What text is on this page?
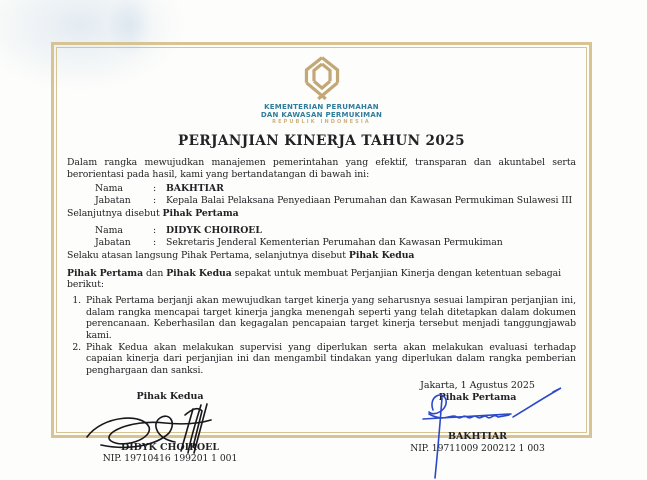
KEMENTERIAN PERUMAHAN
DAN KAWASAN PERMUKIMAN
REPUBLIK INDONESIA
PERJANJIAN KINERJA TAHUN 2025

Dalam rangka mewujudkan manajemen pemerintahan yang efektif, transparan dan akuntabel serta berorientasi pada hasil, kami yang bertandatangan di bawah ini:

Nama	:	BAKHTIAR
Jabatan	:	Kepala Balai Pelaksana Penyediaan Perumahan dan Kawasan Permukiman Sulawesi III

Selanjutnya disebut Pihak Pertama

Nama	:	DIDYK CHOIROEL
Jabatan	:	Sekretaris Jenderal Kementerian Perumahan dan Kawasan Permukiman

Selaku atasan langsung Pihak Pertama, selanjutnya disebut Pihak Kedua

Pihak Pertama dan Pihak Kedua sepakat untuk membuat Perjanjian Kinerja dengan ketentuan sebagai berikut:

1. Pihak Pertama berjanji akan mewujudkan target kinerja yang seharusnya sesuai lampiran perjanjian ini, dalam rangka mencapai target kinerja jangka menengah seperti yang telah ditetapkan dalam dokumen perencanaan. Keberhasilan dan kegagalan pencapaian target kinerja tersebut menjadi tanggungjawab kami.
2. Pihak Kedua akan melakukan supervisi yang diperlukan serta akan melakukan evaluasi terhadap capaian kinerja dari perjanjian ini dan mengambil tindakan yang diperlukan dalam rangka pemberian penghargaan dan sanksi.
Pihak Kedua
DIDYK CHOIROEL
NIP. 19710416 199201 1 001
Jakarta, 1 Agustus 2025
Pihak Pertama
BAKHTIAR
NIP. 19711009 200212 1 003
